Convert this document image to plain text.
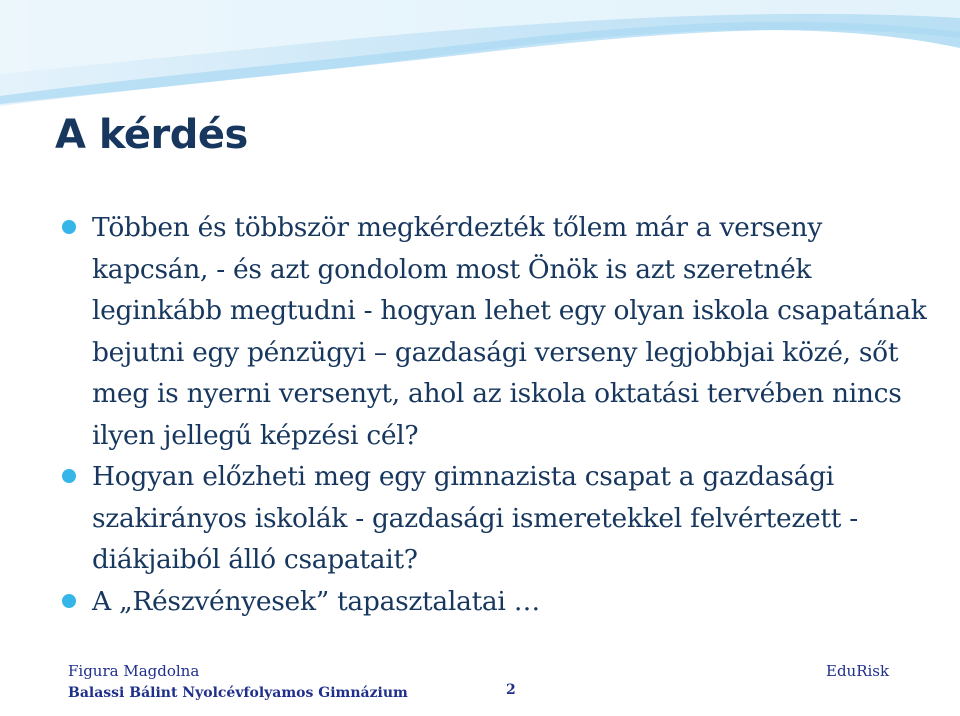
A kérdés
Többen és többször megkérdezték tőlem már a verseny kapcsán, - és azt gondolom most Önök is azt szeretnék leginkább megtudni - hogyan lehet egy olyan iskola csapatának bejutni egy pénzügyi – gazdasági verseny legjobbjai közé, sőt meg is nyerni versenyt, ahol az iskola oktatási tervében nincs ilyen jellegű képzési cél?
Hogyan előzheti meg egy gimnazista csapat a gazdasági szakirányos iskolák - gazdasági ismeretekkel felvértezett - diákjaiból álló csapatait?
A „Részvényesek” tapasztalatai …
Figura Magdolna
Balassi Bálint Nyolcévfolyamos Gimnázium	2
EduRisk
